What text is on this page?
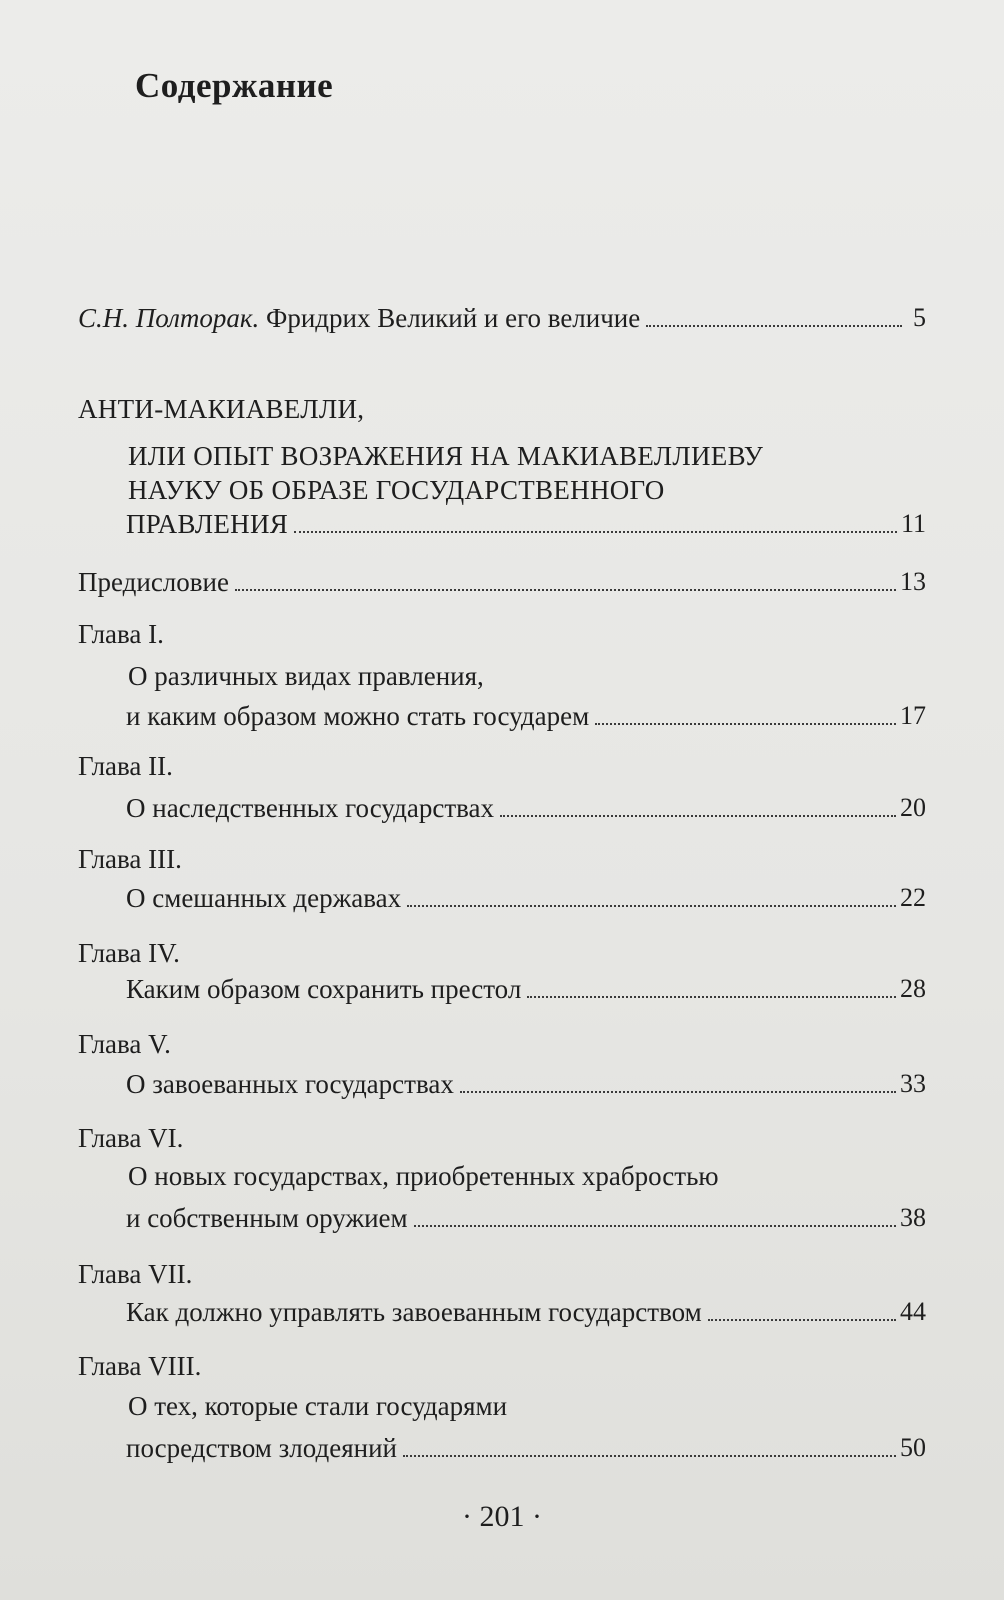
Содержание
С.Н. Полторак. Фридрих Великий и его величие	5
АНТИ-МАКИАВЕЛЛИ,
ИЛИ ОПЫТ ВОЗРАЖЕНИЯ НА МАКИАВЕЛЛИЕВУ
НАУКУ ОБ ОБРАЗЕ ГОСУДАРСТВЕННОГО
ПРАВЛЕНИЯ	11
Предисловие	13
Глава I.
О различных видах правления,
и каким образом можно стать государем	17
Глава II.
О наследственных государствах	20
Глава III.
О смешанных державах	22
Глава IV.
Каким образом сохранить престол	28
Глава V.
О завоеванных государствах	33
Глава VI.
О новых государствах, приобретенных храбростью
и собственным оружием	38
Глава VII.
Как должно управлять завоеванным государством	44
Глава VIII.
О тех, которые стали государями
посредством злодеяний	50
· 201 ·
